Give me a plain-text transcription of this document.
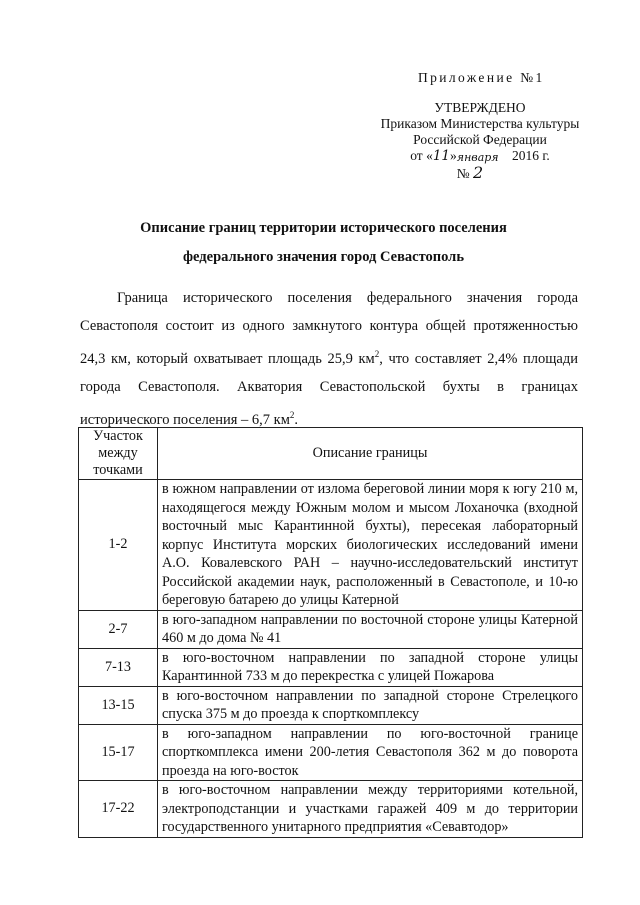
Приложение №1
УТВЕРЖДЕНО
Приказом Министерства культуры
Российской Федерации
от « 11 » января 2016 г.
№ 2
Описание границ территории исторического поселения
федерального значения город Севастополь

Граница исторического поселения федерального значения города Севастополя состоит из одного замкнутого контура общей протяженностью 24,3 км, который охватывает площадь 25,9 $км^2$, что составляет 2,4% площади города Севастополя. Акватория Севастопольской бухты в границах исторического поселения – 6,7 $км^2$.

Участок между точками	Описание границы
1-2	в южном направлении от излома береговой линии моря к югу 210 м, находящегося между Южным молом и мысом Лоханочка (входной восточный мыс Карантинной бухты), пересекая лабораторный корпус Института морских биологических исследований имени А.О. Ковалевского РАН – научно-исследовательский институт Российской академии наук, расположенный в Севастополе, и 10-ю береговую батарею до улицы Катерной
2-7	в юго-западном направлении по восточной стороне улицы Катерной 460 м до дома № 41
7-13	в юго-восточном направлении по западной стороне улицы Карантинной 733 м до перекрестка с улицей Пожарова
13-15	в юго-восточном направлении по западной стороне Стрелецкого спуска 375 м до проезда к спорткомплексу
15-17	в юго-западном направлении по юго-восточной границе спорткомплекса имени 200-летия Севастополя 362 м до поворота проезда на юго-восток
17-22	в юго-восточном направлении между территориями котельной, электроподстанции и участками гаражей 409 м до территории государственного унитарного предприятия «Севавтодор»
